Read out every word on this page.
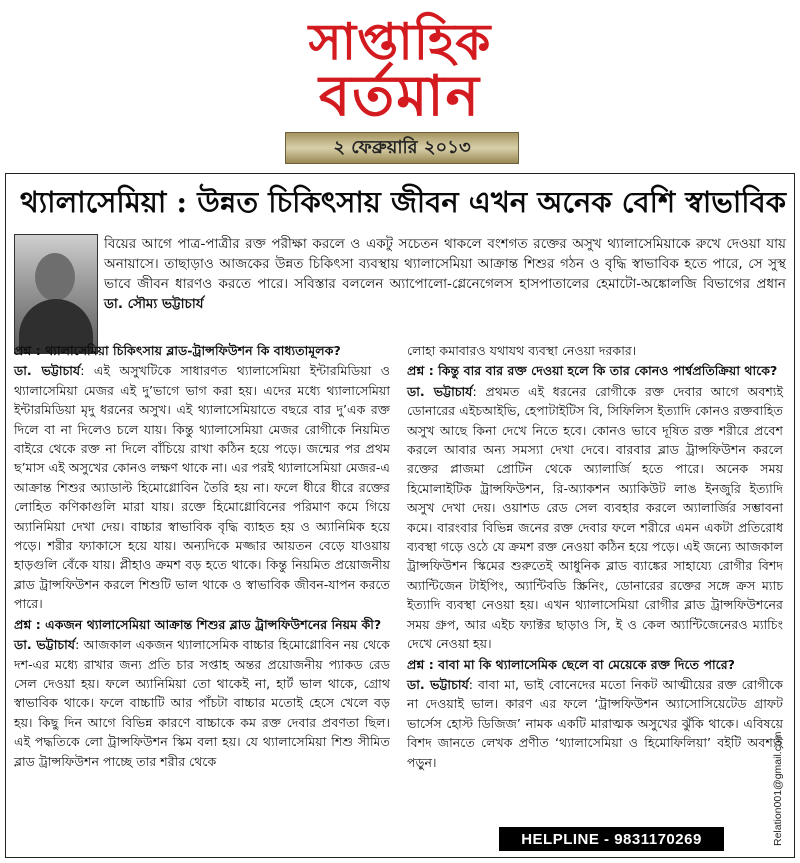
সাপ্তাহিক
বর্তমান
২ ফেব্রুয়ারি ২০১৩
থ্যালাসেমিয়া : উন্নত চিকিৎসায় জীবন এখন অনেক বেশি স্বাভাবিক
বিয়ের আগে পাত্র-পাত্রীর রক্ত পরীক্ষা করলে ও একটু সচেতন থাকলে বংশগত রক্তের অসুখ থ্যালাসেমিয়াকে রুখে দেওয়া যায় অনায়াসে। তাছাড়াও আজকের উন্নত চিকিৎসা ব্যবস্থায় থ্যালাসেমিয়া আক্রান্ত শিশুর গঠন ও বৃদ্ধি স্বাভাবিক হতে পারে, সে সুস্থ ভাবে জীবন ধারণও করতে পারে। সবিস্তার বললেন অ্যাপোলো-গ্লেনেগেলস হাসপাতালের হেমাটো-অঙ্কোলজি বিভাগের প্রধান ডা. সৌম্য ভট্টাচার্য
প্রশ্ন : থ্যালাসেমিয়া চিকিৎসায় ব্লাড-ট্রান্সফিউশন কি বাধ্যতামূলক?
ডা. ভট্টাচার্য: এই অসুখটিকে সাধারণত থ্যালাসেমিয়া ইন্টারমিডিয়া ও থ্যালাসেমিয়া মেজর এই দু’ভাগে ভাগ করা হয়। এদের মধ্যে থ্যালাসেমিয়া ইন্টারমিডিয়া মৃদু ধরনের অসুখ। এই থ্যালাসেমিয়াতে বছরে বার দু’এক রক্ত দিলে বা না দিলেও চলে যায়। কিন্তু থ্যালাসেমিয়া মেজর রোগীকে নিয়মিত বাইরে থেকে রক্ত না দিলে বাঁচিয়ে রাখা কঠিন হয়ে পড়ে। জন্মের পর প্রথম ছ’মাস এই অসুখের কোনও লক্ষণ থাকে না। এর পরই থ্যালাসেমিয়া মেজর-এ আক্রান্ত শিশুর অ্যাডাল্ট হিমোগ্লোবিন তৈরি হয় না। ফলে ধীরে ধীরে রক্তের লোহিত কণিকাগুলি মারা যায়। রক্তে হিমোগ্লোবিনের পরিমাণ কমে গিয়ে অ্যানিমিয়া দেখা দেয়। বাচ্চার স্বাভাবিক বৃদ্ধি ব্যাহত হয় ও অ্যানিমিক হয়ে পড়ে। শরীর ফ্যাকাসে হয়ে যায়। অন্যদিকে মজ্জার আয়তন বেড়ে যাওয়ায় হাড়গুলি বেঁকে যায়। প্লীহাও ক্রমশ বড় হতে থাকে। কিন্তু নিয়মিত প্রয়োজনীয় ব্লাড ট্রান্সফিউশন করলে শিশুটি ভাল থাকে ও স্বাভাবিক জীবন-যাপন করতে পারে।
প্রশ্ন : একজন থ্যালাসেমিয়া আক্রান্ত শিশুর ব্লাড ট্রান্সফিউশনের নিয়ম কী?
ডা. ভট্টাচার্য: আজকাল একজন থ্যালাসেমিক বাচ্চার হিমোগ্লোবিন নয় থেকে দশ-এর মধ্যে রাখার জন্য প্রতি চার সপ্তাহ অন্তর প্রয়োজনীয় প্যাকড রেড সেল দেওয়া হয়। ফলে অ্যানিমিয়া তো থাকেই না, হার্ট ভাল থাকে, গ্রোথ স্বাভাবিক থাকে। ফলে বাচ্চাটি আর পাঁচটা বাচ্চার মতোই হেসে খেলে বড় হয়। কিছু দিন আগে বিভিন্ন কারণে বাচ্চাকে কম রক্ত দেবার প্রবণতা ছিল। এই পদ্ধতিকে লো ট্রান্সফিউশন স্কিম বলা হয়। যে থ্যালাসেমিয়া শিশু সীমিত ব্লাড ট্রান্সফিউশন পাচ্ছে তার শরীর থেকে
লোহা কমাবারও যথাযথ ব্যবস্থা নেওয়া দরকার।
প্রশ্ন : কিন্তু বার বার রক্ত দেওয়া হলে কি তার কোনও পার্শ্বপ্রতিক্রিয়া থাকে?
ডা. ভট্টাচার্য: প্রথমত এই ধরনের রোগীকে রক্ত দেবার আগে অবশ্যই ডোনারের এইচআইভি, হেপাটাইটিস বি, সিফিলিস ইত্যাদি কোনও রক্তবাহিত অসুখ আছে কিনা দেখে নিতে হবে। কোনও ভাবে দূষিত রক্ত শরীরে প্রবেশ করলে আবার অন্য সমস্যা দেখা দেবে। বারবার ব্লাড ট্রান্সফিউশন করলে রক্তের প্লাজমা প্রোটিন থেকে অ্যালার্জি হতে পারে। অনেক সময় হিমোলাইটিক ট্রান্সফিউশন, রি-অ্যাকশন অ্যাকিউট লাঙ ইনজুরি ইত্যাদি অসুখ দেখা দেয়। ওয়াশড রেড সেল ব্যবহার করলে অ্যালার্জির সম্ভাবনা কমে। বারংবার বিভিন্ন জনের রক্ত দেবার ফলে শরীরে এমন একটা প্রতিরোধ ব্যবস্থা গড়ে ওঠে যে ক্রমশ রক্ত নেওয়া কঠিন হয়ে পড়ে। এই জন্যে আজকাল ট্রান্সফিউশন স্কিমের শুরুতেই আধুনিক ব্লাড ব্যাঙ্কের সাহায্যে রোগীর বিশদ অ্যান্টিজেন টাইপিং, অ্যান্টিবডি স্ক্রিনিং, ডোনারের রক্তের সঙ্গে ক্রস ম্যাচ ইত্যাদি ব্যবস্থা নেওয়া হয়। এখন থ্যালাসেমিয়া রোগীর ব্লাড ট্রান্সফিউশনের সময় গ্রুপ, আর এইচ ফ্যাক্টর ছাড়াও সি, ই ও কেল অ্যান্টিজেনেরও ম্যাচিং দেখে নেওয়া হয়।
প্রশ্ন : বাবা মা কি থ্যালাসেমিক ছেলে বা মেয়েকে রক্ত দিতে পারে?
ডা. ভট্টাচার্য: বাবা মা, ভাই বোনেদের মতো নিকট আত্মীয়ের রক্ত রোগীকে না দেওয়াই ভাল। কারণ এর ফলে ‘ট্রান্সফিউশন অ্যাসোসিয়েটেড গ্রাফট ভার্সেস হোস্ট ডিজিজ’ নামক একটি মারাত্মক অসুখের ঝুঁকি থাকে। এবিষয়ে বিশদ জানতে লেখক প্রণীত ‘থ্যালাসেমিয়া ও হিমোফিলিয়া’ বইটি অবশ্যই পড়ুন।
HELPLINE - 9831170269	Relation001@gmail.com
